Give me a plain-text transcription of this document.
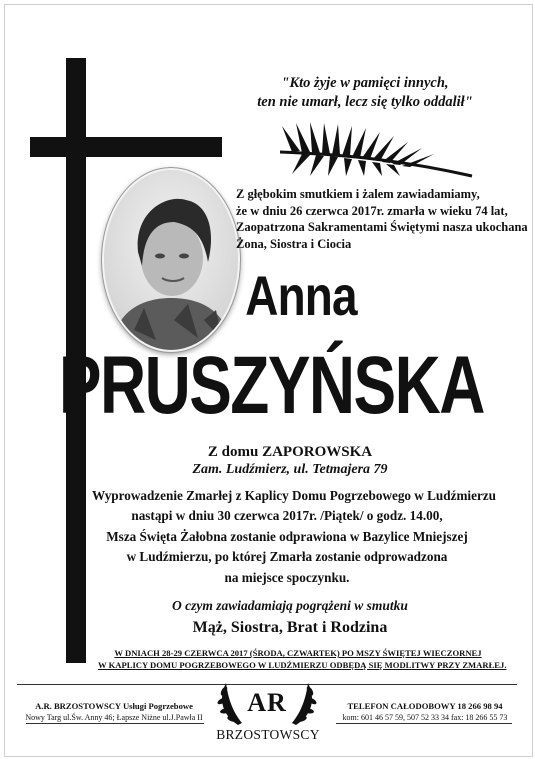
"Kto żyje w pamięci innych,
ten nie umarł, lecz się tylko oddalił"
Z głębokim smutkiem i żalem zawiadamiamy,
że w dniu 26 czerwca 2017r. zmarła w wieku 74 lat,
Zaopatrzona Sakramentami Świętymi nasza ukochana
Żona, Siostra i Ciocia
Anna
PRUSZYŃSKA
Z domu ZAPOROWSKA
Zam. Ludźmierz, ul. Tetmajera 79
Wyprowadzenie Zmarłej z Kaplicy Domu Pogrzebowego w Ludźmierzu
nastąpi w dniu 30 czerwca 2017r. /Piątek/ o godz. 14.00,
Msza Święta Żałobna zostanie odprawiona w Bazylice Mniejszej
w Ludźmierzu, po której Zmarła zostanie odprowadzona
na miejsce spoczynku.
O czym zawiadamiają pogrążeni w smutku
Mąż, Siostra, Brat i Rodzina
W DNIACH 28-29 CZERWCA 2017 (ŚRODA, CZWARTEK) PO MSZY ŚWIĘTEJ WIECZORNEJ
W KAPLICY DOMU POGRZEBOWEGO W LUDŹMIERZU ODBĘDĄ SIĘ MODLITWY PRZY ZMARŁEJ.
A.R. BRZOSTOWSCY Usługi Pogrzebowe
Nowy Targ ul.Św. Anny 46; Łapsze Niżne ul.J.Pawła II
AR
BRZOSTOWSCY
TELEFON CAŁODOBOWY 18 266 98 94
kom: 601 46 57 59, 507 52 33 34 fax: 18 266 55 73
